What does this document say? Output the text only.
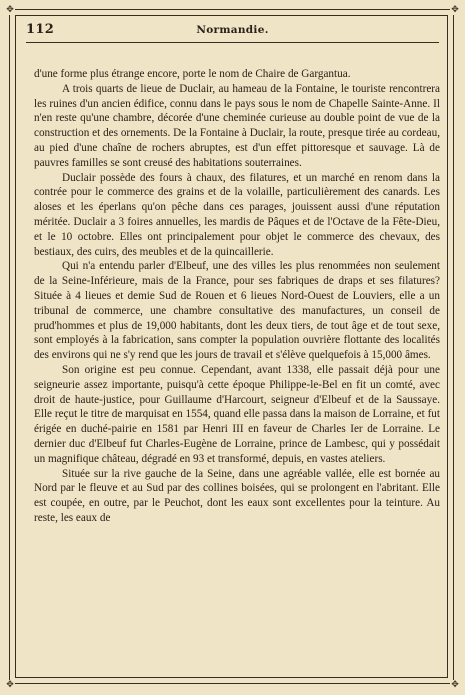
✥	✥
✥	✥
112	Normandie.

d'une forme plus étrange encore, porte le nom de Chaire de Gargantua.

A trois quarts de lieue de Duclair, au hameau de la Fontaine, le touriste rencontrera les ruines d'un ancien édifice, connu dans le pays sous le nom de Chapelle Sainte-Anne. Il n'en reste qu'une chambre, décorée d'une cheminée curieuse au double point de vue de la construction et des ornements. De la Fontaine à Duclair, la route, presque tirée au cordeau, au pied d'une chaîne de rochers abruptes, est d'un effet pittoresque et sauvage. Là de pauvres familles se sont creusé des habitations souterraines.

Duclair possède des fours à chaux, des filatures, et un marché en renom dans la contrée pour le commerce des grains et de la volaille, particulièrement des canards. Les aloses et les éperlans qu'on pêche dans ces parages, jouissent aussi d'une réputation méritée. Duclair a 3 foires annuelles, les mardis de Pâques et de l'Octave de la Fête-Dieu, et le 10 octobre. Elles ont principalement pour objet le commerce des chevaux, des bestiaux, des cuirs, des meubles et de la quincaillerie.

Qui n'a entendu parler d'Elbeuf, une des villes les plus renommées non seulement de la Seine-Inférieure, mais de la France, pour ses fabriques de draps et ses filatures? Située à 4 lieues et demie Sud de Rouen et 6 lieues Nord-Ouest de Louviers, elle a un tribunal de commerce, une chambre consultative des manufactures, un conseil de prud'hommes et plus de 19,000 habitants, dont les deux tiers, de tout âge et de tout sexe, sont employés à la fabrication, sans compter la population ouvrière flottante des localités des environs qui ne s'y rend que les jours de travail et s'élève quelquefois à 15,000 âmes.

Son origine est peu connue. Cependant, avant 1338, elle passait déjà pour une seigneurie assez importante, puisqu'à cette époque Philippe-le-Bel en fit un comté, avec droit de haute-justice, pour Guillaume d'Harcourt, seigneur d'Elbeuf et de la Saussaye. Elle reçut le titre de marquisat en 1554, quand elle passa dans la maison de Lorraine, et fut érigée en duché-pairie en 1581 par Henri III en faveur de Charles Ier de Lorraine. Le dernier duc d'Elbeuf fut Charles-Eugène de Lorraine, prince de Lambesc, qui y possédait un magnifique château, dégradé en 93 et transformé, depuis, en vastes ateliers.

Située sur la rive gauche de la Seine, dans une agréable vallée, elle est bornée au Nord par le fleuve et au Sud par des collines boisées, qui se prolongent en l'abritant. Elle est coupée, en outre, par le Peuchot, dont les eaux sont excellentes pour la teinture. Au reste, les eaux de
